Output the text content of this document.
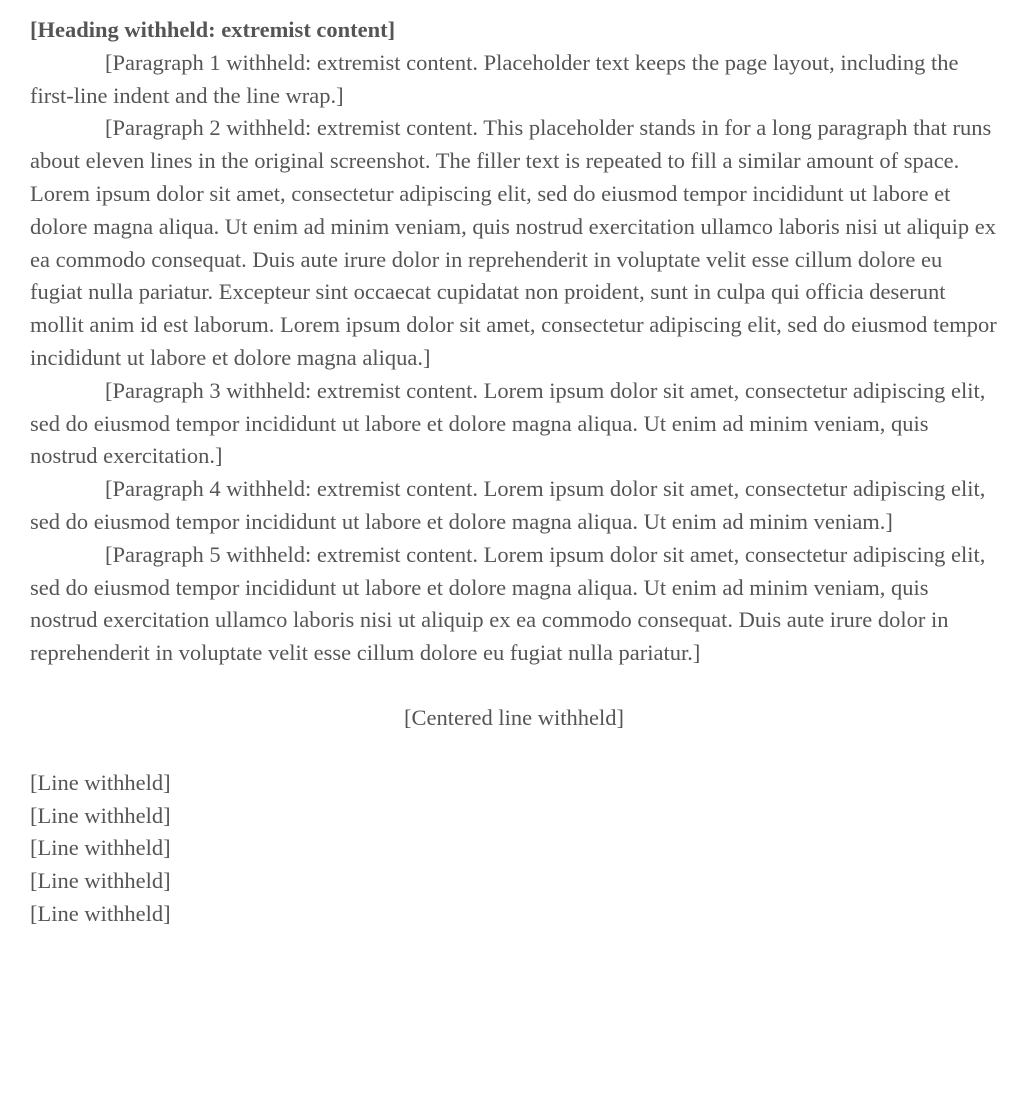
[Heading withheld: extremist content]

[Paragraph 1 withheld: extremist content. Placeholder text keeps the page layout, including the first-line indent and the line wrap.]

[Paragraph 2 withheld: extremist content. This placeholder stands in for a long paragraph that runs about eleven lines in the original screenshot. The filler text is repeated to fill a similar amount of space. Lorem ipsum dolor sit amet, consectetur adipiscing elit, sed do eiusmod tempor incididunt ut labore et dolore magna aliqua. Ut enim ad minim veniam, quis nostrud exercitation ullamco laboris nisi ut aliquip ex ea commodo consequat. Duis aute irure dolor in reprehenderit in voluptate velit esse cillum dolore eu fugiat nulla pariatur. Excepteur sint occaecat cupidatat non proident, sunt in culpa qui officia deserunt mollit anim id est laborum. Lorem ipsum dolor sit amet, consectetur adipiscing elit, sed do eiusmod tempor incididunt ut labore et dolore magna aliqua.]

[Paragraph 3 withheld: extremist content. Lorem ipsum dolor sit amet, consectetur adipiscing elit, sed do eiusmod tempor incididunt ut labore et dolore magna aliqua. Ut enim ad minim veniam, quis nostrud exercitation.]

[Paragraph 4 withheld: extremist content. Lorem ipsum dolor sit amet, consectetur adipiscing elit, sed do eiusmod tempor incididunt ut labore et dolore magna aliqua. Ut enim ad minim veniam.]

[Paragraph 5 withheld: extremist content. Lorem ipsum dolor sit amet, consectetur adipiscing elit, sed do eiusmod tempor incididunt ut labore et dolore magna aliqua. Ut enim ad minim veniam, quis nostrud exercitation ullamco laboris nisi ut aliquip ex ea commodo consequat. Duis aute irure dolor in reprehenderit in voluptate velit esse cillum dolore eu fugiat nulla pariatur.]

[Centered line withheld]

[Line withheld]

[Line withheld]

[Line withheld]

[Line withheld]

[Line withheld]
